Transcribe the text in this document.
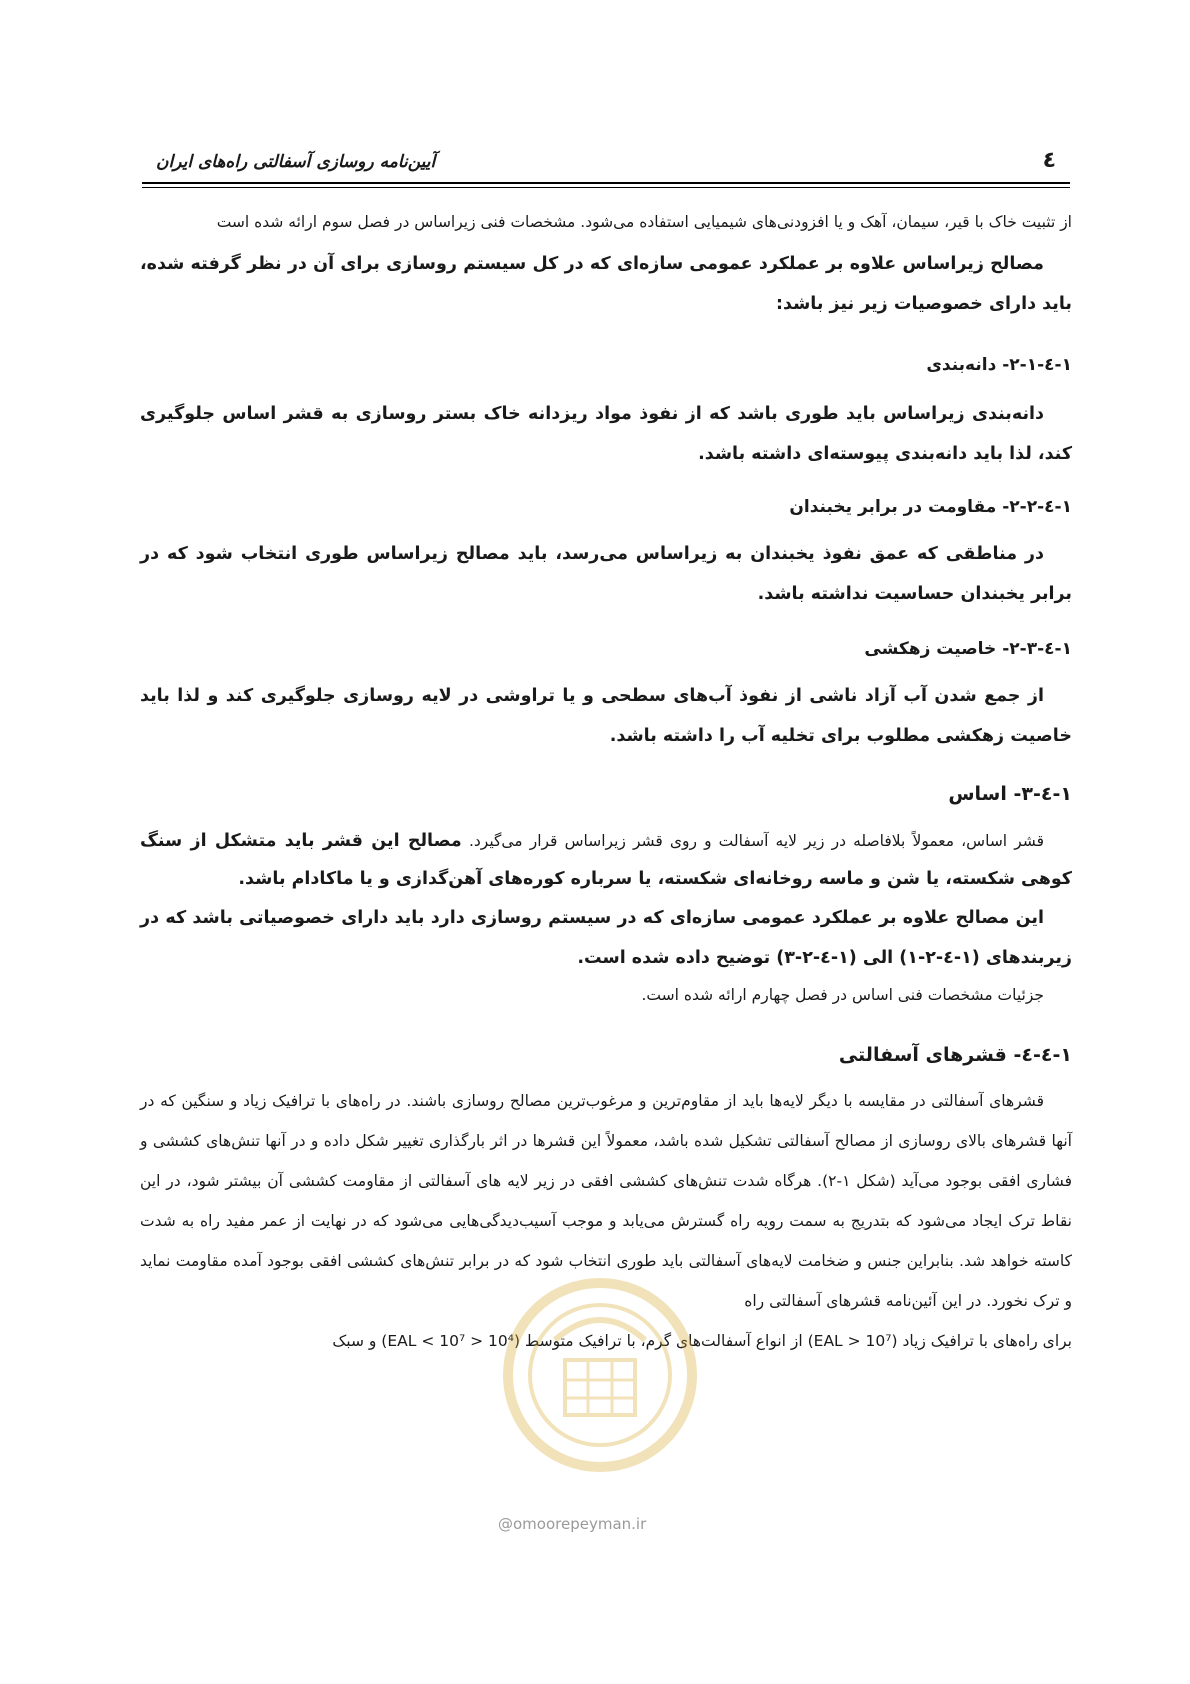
آیین‌نامه روسازی آسفالتی راه‌های ایران	٤

از تثبیت خاک با قیر، سیمان، آهک و یا افزودنی‌های شیمیایی استفاده می‌شود. مشخصات فنی زیراساس در فصل سوم ارائه شده است

مصالح زیراساس علاوه بر عملکرد عمومی سازه‌ای که در کل سیستم روسازی برای آن در نظر گرفته شده، باید دارای خصوصیات زیر نیز باشد:

۱-٤-۲-۱- دانه‌بندی

دانه‌بندی زیراساس باید طوری باشد که از نفوذ مواد ریزدانه خاک بستر روسازی به قشر اساس جلوگیری کند، لذا باید دانه‌بندی پیوسته‌ای داشته باشد.

۱-٤-۲-۲- مقاومت در برابر یخبندان

در مناطقی که عمق نفوذ یخبندان به زیراساس می‌رسد، باید مصالح زیراساس طوری انتخاب شود که در برابر یخبندان حساسیت نداشته باشد.

۱-٤-۲-۳- خاصیت زهکشی

از جمع شدن آب آزاد ناشی از نفوذ آب‌های سطحی و یا تراوشی در لایه روسازی جلوگیری کند و لذا باید خاصیت زهکشی مطلوب برای تخلیه آب را داشته باشد.

۱-٤-۳- اساس

قشر اساس، معمولاً بلافاصله در زیر لایه آسفالت و روی قشر زیراساس قرار می‌گیرد. مصالح این قشر باید متشکل از سنگ کوهی شکسته، یا شن و ماسه روخانه‌ای شکسته، یا سرباره کوره‌های آهن‌گدازی و یا ماکادام باشد.

این مصالح علاوه بر عملکرد عمومی سازه‌ای که در سیستم روسازی دارد باید دارای خصوصیاتی باشد که در زیربندهای (۱-٤-۲-۱) الی (۱-٤-۲-۳) توضیح داده شده است.

جزئیات مشخصات فنی اساس در فصل چهارم ارائه شده است.

۱-٤-٤- قشرهای آسفالتی

قشرهای آسفالتی در مقایسه با دیگر لایه‌ها باید از مقاوم‌ترین و مرغوب‌ترین مصالح روسازی باشند. در راه‌های با ترافیک زیاد و سنگین که در آنها قشرهای بالای روسازی از مصالح آسفالتی تشکیل شده باشد، معمولاً این قشرها در اثر بارگذاری تغییر شکل داده و در آنها تنش‌های کششی و فشاری افقی بوجود می‌آید (شکل ۱-۲). هرگاه شدت تنش‌های کششی افقی در زیر لایه های آسفالتی از مقاومت کششی آن بیشتر شود، در این نقاط ترک ایجاد می‌شود که بتدریج به سمت رویه راه گسترش می‌یابد و موجب آسیب‌دیدگی‌هایی می‌شود که در نهایت از عمر مفید راه به شدت کاسته خواهد شد. بنابراین جنس و ضخامت لایه‌های آسفالتی باید طوری انتخاب شود که در برابر تنش‌های کششی افقی بوجود آمده مقاومت نماید و ترک نخورد. در این آئین‌نامه قشرهای آسفالتی راه

برای راه‌های با ترافیک زیاد (EAL > 10⁷) از انواع آسفالت‌های گرم، با ترافیک متوسط (10⁴ < EAL < 10⁷) و سبک

@omoorepeyman.ir
